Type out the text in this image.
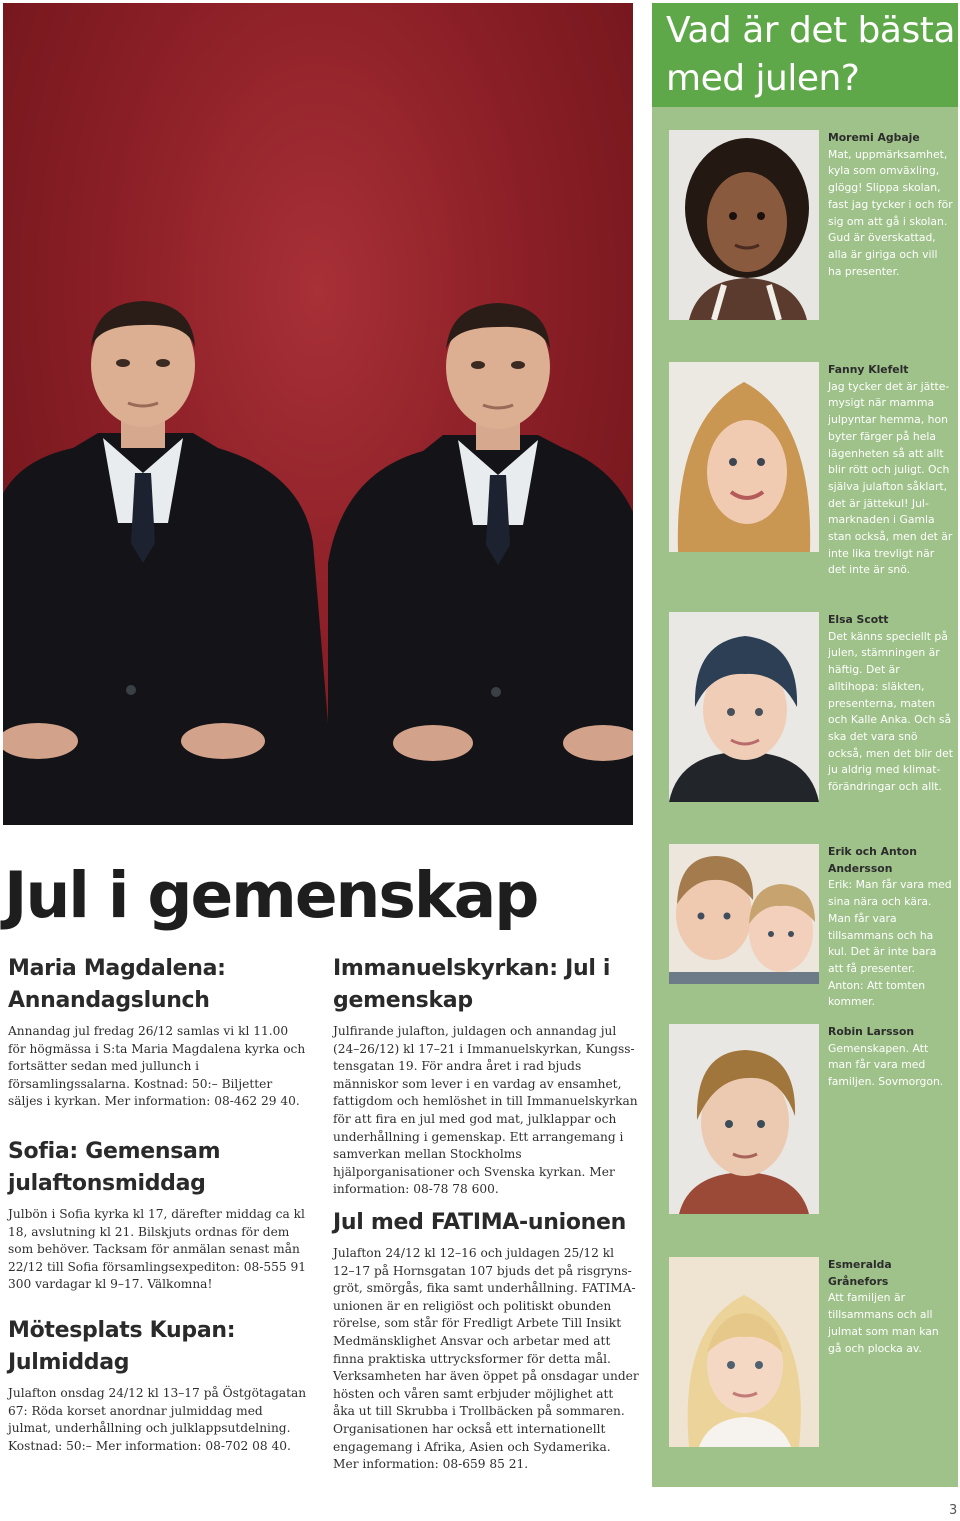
Vad är det bästa med julen?
Moremi Agbaje
Mat, uppmärksamhet, kyla som omväxling, glögg! Slippa skolan, fast jag tycker i och för sig om att gå i skolan. Gud är överskattad, alla är giriga och vill ha presenter.
Fanny Klefelt
Jag tycker det är jättemysigt när mamma julpyntar hemma, hon byter färger på hela lägenheten så att allt blir rött och juligt. Och själva julafton såklart, det är jättekul! Julmarknaden i Gamla stan också, men det är inte lika trevligt när det inte är snö.
Elsa Scott
Det känns speciellt på julen, stämningen är häftig. Det är alltihopa: släkten, presenterna, maten och Kalle Anka. Och så ska det vara snö också, men det blir det ju aldrig med klimatförändringar och allt.
Erik och Anton Andersson
Erik: Man får vara med sina nära och kära. Man får vara tillsammans och ha kul. Det är inte bara att få presenter. Anton: Att tomten kommer.
Robin Larsson
Gemenskapen. Att man får vara med familjen. Sovmorgon.
Esmeralda Grånefors
Att familjen är tillsammans och all julmat som man kan gå och plocka av.
Jul i gemenskap
Maria Magdalena: Annandagslunch

Annandag jul fredag 26/12 samlas vi kl 11.00 för högmässa i S:ta Maria Magdalena kyrka och fortsätter sedan med jullunch i församlingssalarna. Kostnad: 50:– Biljetter säljes i kyrkan. Mer information: 08-462 29 40.

Sofia: Gemensam julaftonsmiddag

Julbön i Sofia kyrka kl 17, därefter middag ca kl 18, avslutning kl 21. Bilskjuts ordnas för dem som behöver. Tacksam för anmälan senast mån 22/12 till Sofia församlingsexpediton: 08-555 91 300 vardagar kl 9–17. Välkomna!

Mötesplats Kupan: Julmiddag

Julafton onsdag 24/12 kl 13–17 på Östgötagatan 67: Röda korset anordnar julmiddag med julmat, underhållning och julklappsutdelning. Kostnad: 50:– Mer information: 08-702 08 40.

Immanuelskyrkan: Jul i gemenskap

Julfirande julafton, juldagen och annandag jul (24–26/12) kl 17–21 i Immanuelskyrkan, Kungsstensgatan 19. För andra året i rad bjuds människor som lever i en vardag av ensamhet, fattigdom och hemlöshet in till Immanuelskyrkan för att fira en jul med god mat, julklappar och underhållning i gemenskap. Ett arrangemang i samverkan mellan Stockholms hjälporganisationer och Svenska kyrkan. Mer information: 08-78 78 600.

Jul med FATIMA-unionen

Julafton 24/12 kl 12–16 och juldagen 25/12 kl 12–17 på Hornsgatan 107 bjuds det på risgrynsgröt, smörgås, fika samt underhållning. FATIMA-unionen är en religiöst och politiskt obunden rörelse, som står för Fredligt Arbete Till Insikt Medmänsklighet Ansvar och arbetar med att finna praktiska uttrycksformer för detta mål. Verksamheten har även öppet på onsdagar under hösten och våren samt erbjuder möjlighet att åka ut till Skrubba i Trollbäcken på sommaren. Organisationen har också ett internationellt engagemang i Afrika, Asien och Sydamerika. Mer information: 08-659 85 21.

3
